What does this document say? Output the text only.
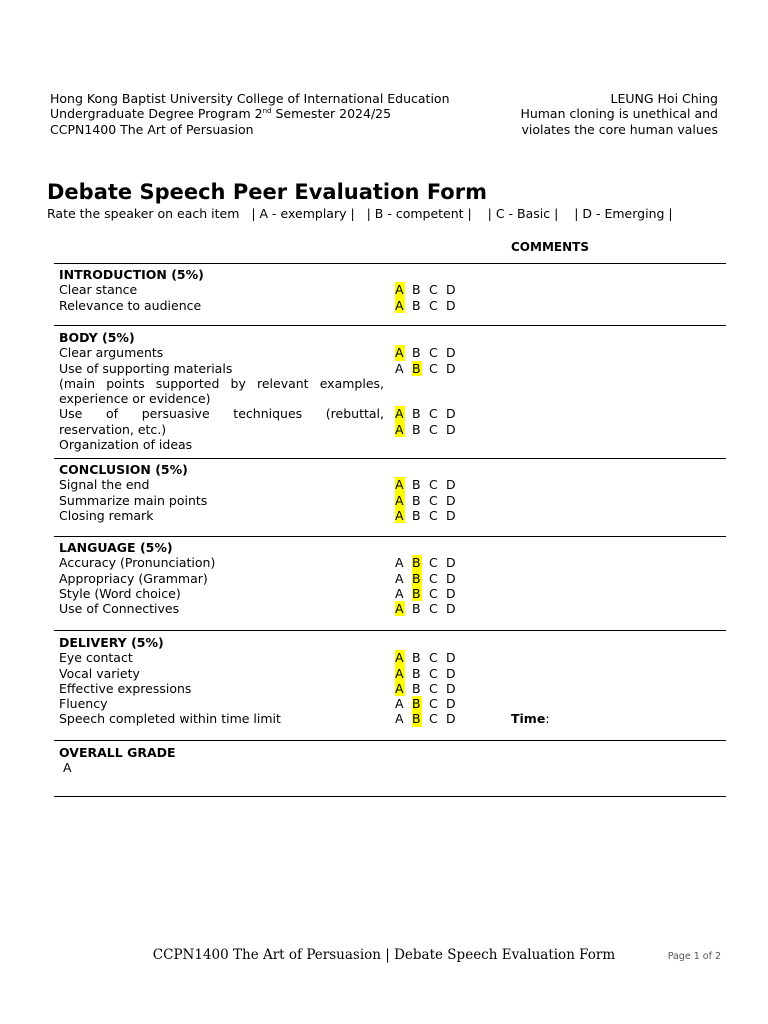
Hong Kong Baptist University College of International Education
Undergraduate Degree Program 2nd Semester 2024/25
CCPN1400 The Art of Persuasion
LEUNG Hoi Ching
Human cloning is unethical and
violates the core human values
Debate Speech Peer Evaluation Form
Rate the speaker on each item | A - exemplary | | B - competent | | C - Basic | | D - Emerging |
COMMENTS
INTRODUCTION (5%)
Clear stance	A B C D
Relevance to audience	A B C D
BODY (5%)
Clear arguments	A B C D
Use of supporting materials	A B C D
(main points supported by relevant examples,
experience or evidence)
Use of persuasive techniques (rebuttal, A B C D
reservation, etc.)	A B C D
Organization of ideas
CONCLUSION (5%)
Signal the end	A B C D
Summarize main points	A B C D
Closing remark	A B C D
LANGUAGE (5%)
Accuracy (Pronunciation)	A B C D
Appropriacy (Grammar)	A B C D
Style (Word choice)	A B C D
Use of Connectives	A B C D
DELIVERY (5%)
Eye contact	A B C D
Vocal variety	A B C D
Effective expressions	A B C D
Fluency	A B C D
Speech completed within time limit	A B C D	Time:
OVERALL GRADE
A
CCPN1400 The Art of Persuasion | Debate Speech Evaluation Form	Page 1 of 2
